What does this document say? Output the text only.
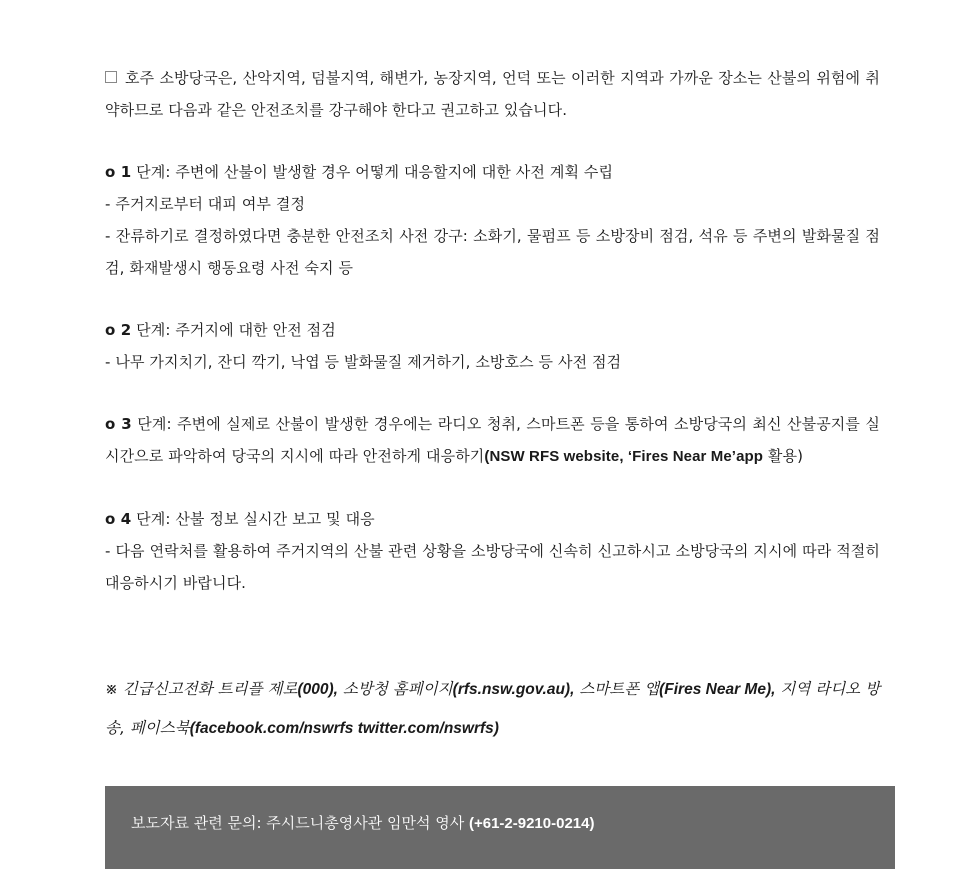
호주 소방당국은, 산악지역, 덤불지역, 해변가, 농장지역, 언덕 또는 이러한 지역과 가까운 장소는 산불의 위험에 취약하므로 다음과 같은 안전조치를 강구해야 한다고 권고하고 있습니다.

o 1 단계: 주변에 산불이 발생할 경우 어떻게 대응할지에 대한 사전 계획 수립

- 주거지로부터 대피 여부 결정

- 잔류하기로 결정하였다면 충분한 안전조치 사전 강구: 소화기, 물펌프 등 소방장비 점검, 석유 등 주변의 발화물질 점검, 화재발생시 행동요령 사전 숙지 등

o 2 단계: 주거지에 대한 안전 점검

- 나무 가지치기, 잔디 깍기, 낙엽 등 발화물질 제거하기, 소방호스 등 사전 점검

o 3 단계: 주변에 실제로 산불이 발생한 경우에는 라디오 청취, 스마트폰 등을 통하여 소방당국의 최신 산불공지를 실시간으로 파악하여 당국의 지시에 따라 안전하게 대응하기(NSW RFS website, ‘Fires Near Me’app 활용)

o 4 단계: 산불 정보 실시간 보고 및 대응

- 다음 연락처를 활용하여 주거지역의 산불 관련 상황을 소방당국에 신속히 신고하시고 소방당국의 지시에 따라 적절히 대응하시기 바랍니다.

※ 긴급신고전화 트리플 제로(000), 소방청 홈페이지(rfs.nsw.gov.au), 스마트폰 앱(Fires Near Me), 지역 라디오 방송, 페이스북(facebook.com/nswrfs twitter.com/nswrfs)
보도자료 관련 문의: 주시드니총영사관 임만석 영사 (+61-2-9210-0214)
